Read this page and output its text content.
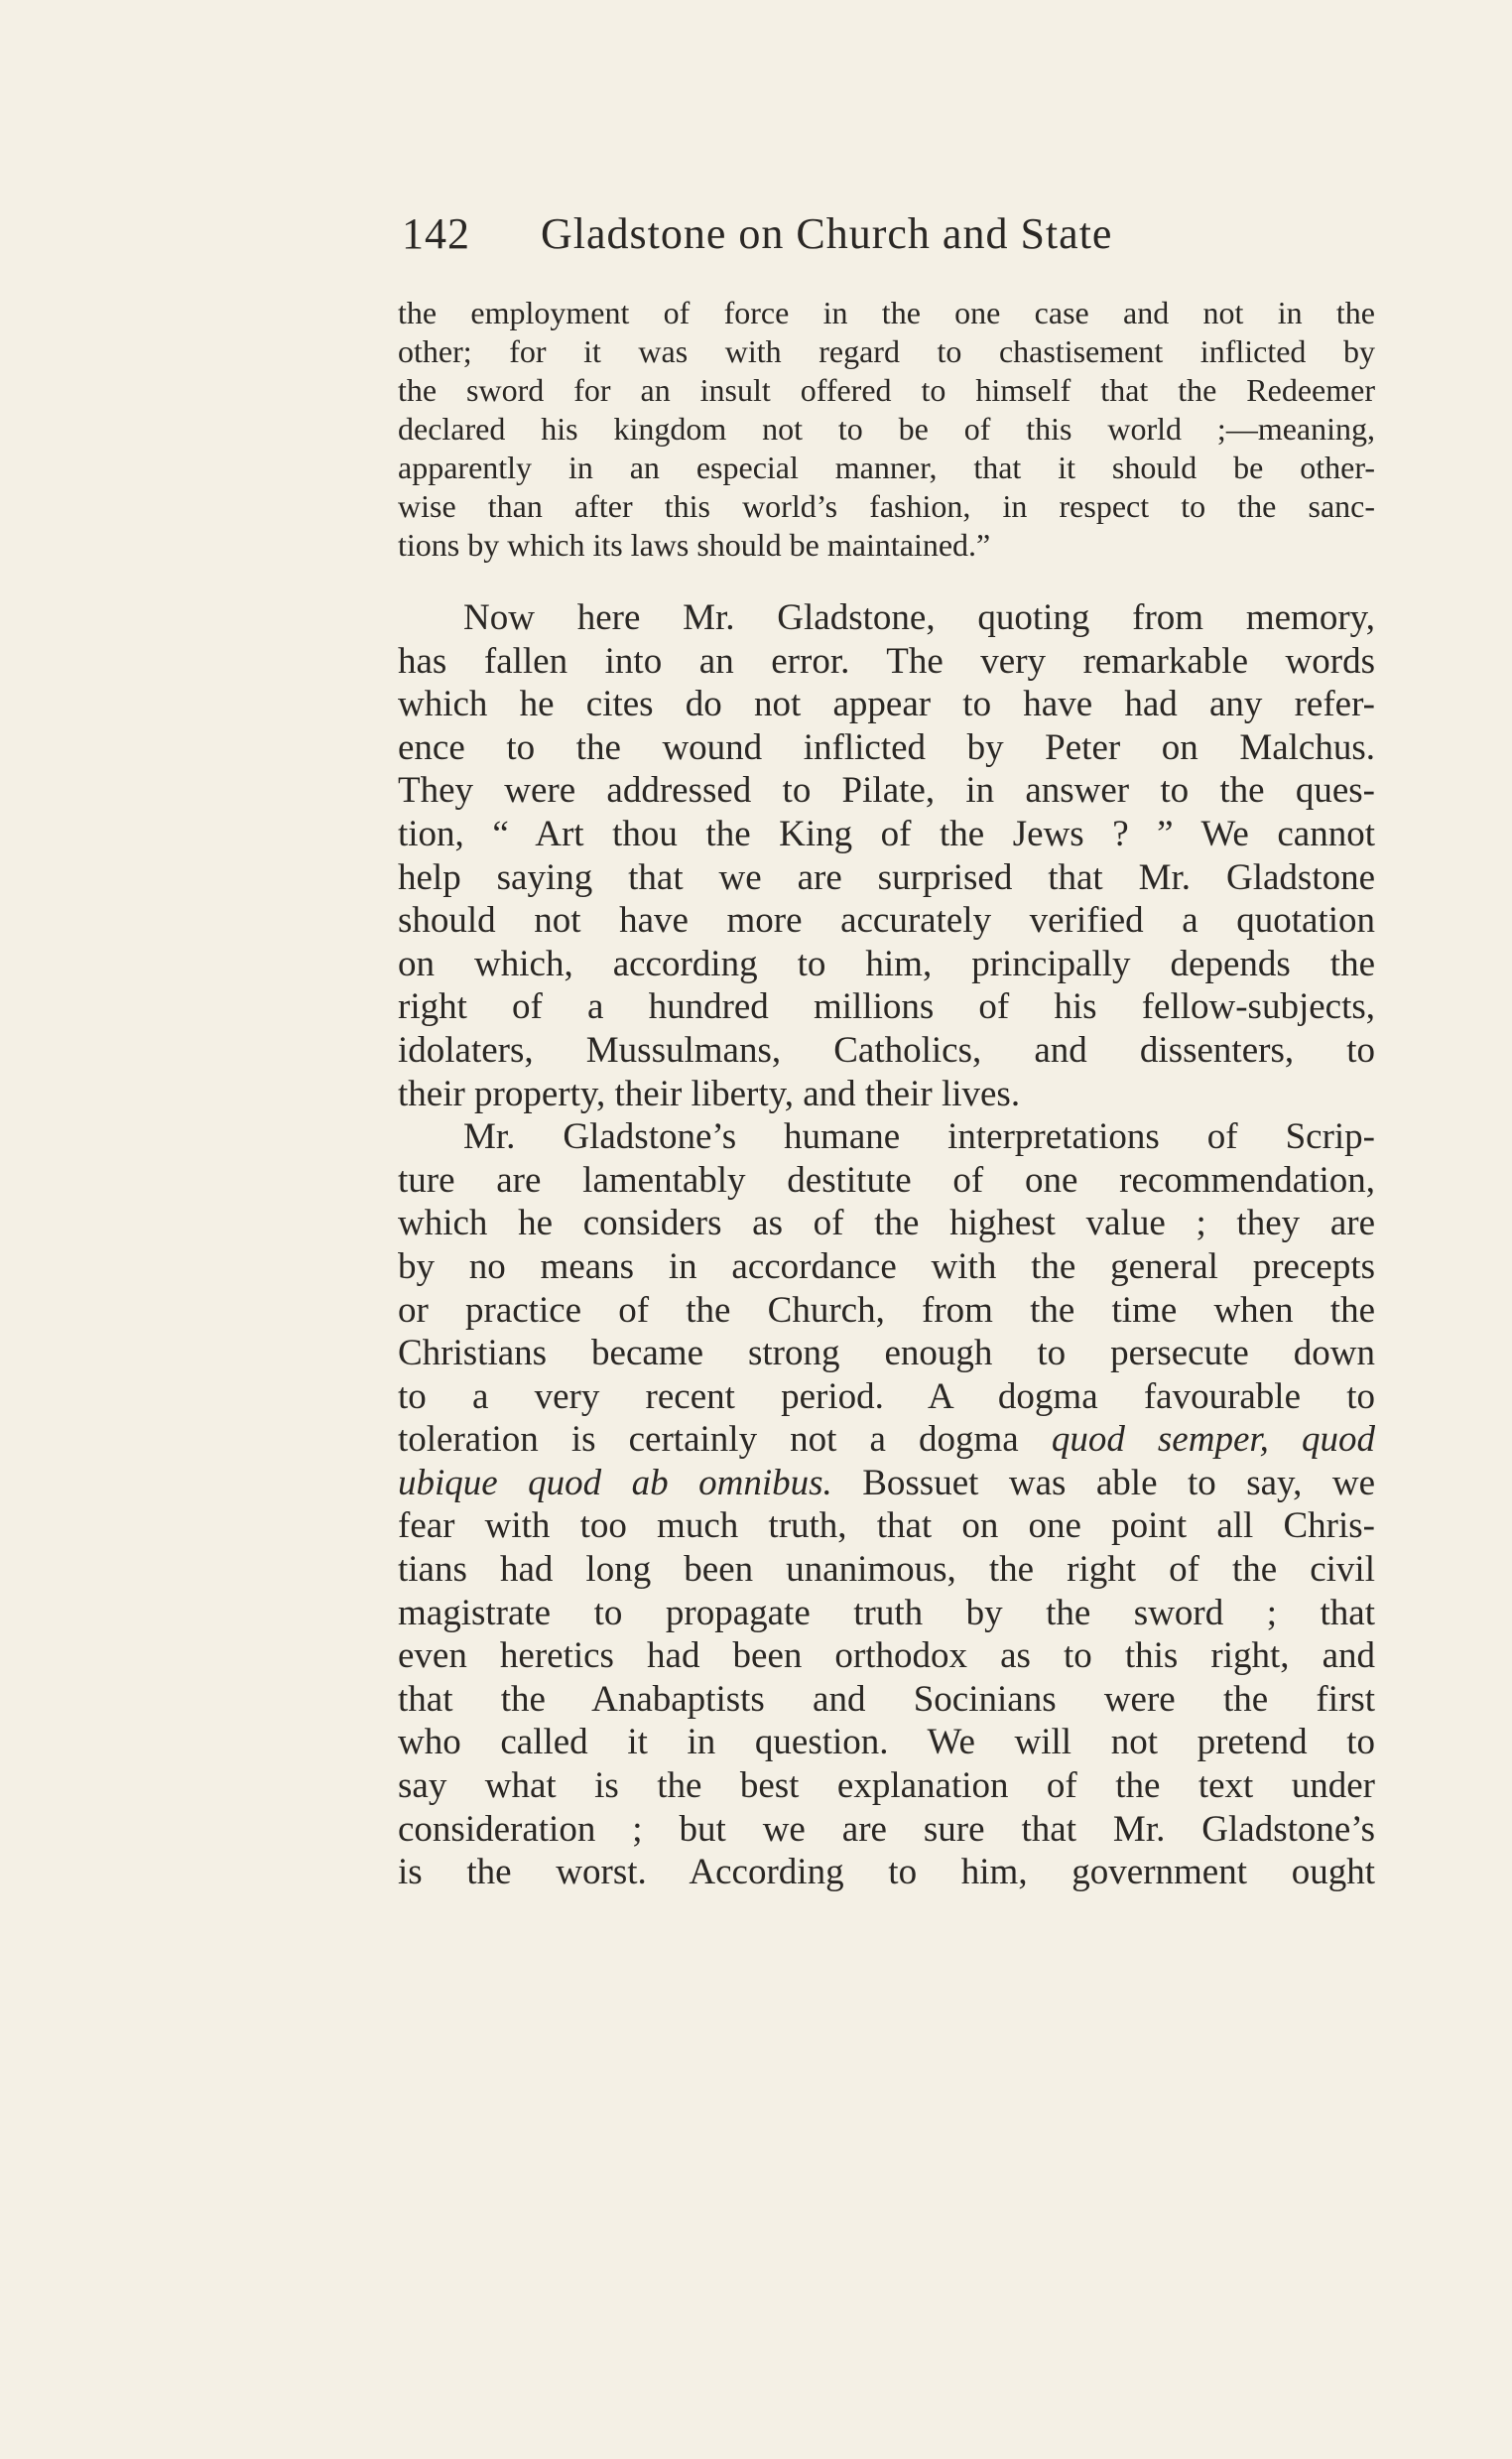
142 Gladstone on Church and State
the employment of force in the one case and not in the
other; for it was with regard to chastisement inflicted by
the sword for an insult offered to himself that the Redeemer
declared his kingdom not to be of this world ;—meaning,
apparently in an especial manner, that it should be other-
wise than after this world’s fashion, in respect to the sanc-
tions by which its laws should be maintained.”
Now here Mr. Gladstone, quoting from memory,
has fallen into an error. The very remarkable words
which he cites do not appear to have had any refer-
ence to the wound inflicted by Peter on Malchus.
They were addressed to Pilate, in answer to the ques-
tion, “ Art thou the King of the Jews ? ” We cannot
help saying that we are surprised that Mr. Gladstone
should not have more accurately verified a quotation
on which, according to him, principally depends the
right of a hundred millions of his fellow-subjects,
idolaters, Mussulmans, Catholics, and dissenters, to
their property, their liberty, and their lives.
Mr. Gladstone’s humane interpretations of Scrip-
ture are lamentably destitute of one recommendation,
which he considers as of the highest value ; they are
by no means in accordance with the general precepts
or practice of the Church, from the time when the
Christians became strong enough to persecute down
to a very recent period. A dogma favourable to
toleration is certainly not a dogma quod semper, quod
ubique quod ab omnibus. Bossuet was able to say, we
fear with too much truth, that on one point all Chris-
tians had long been unanimous, the right of the civil
magistrate to propagate truth by the sword ; that
even heretics had been orthodox as to this right, and
that the Anabaptists and Socinians were the first
who called it in question. We will not pretend to
say what is the best explanation of the text under
consideration ; but we are sure that Mr. Gladstone’s
is the worst. According to him, government ought
